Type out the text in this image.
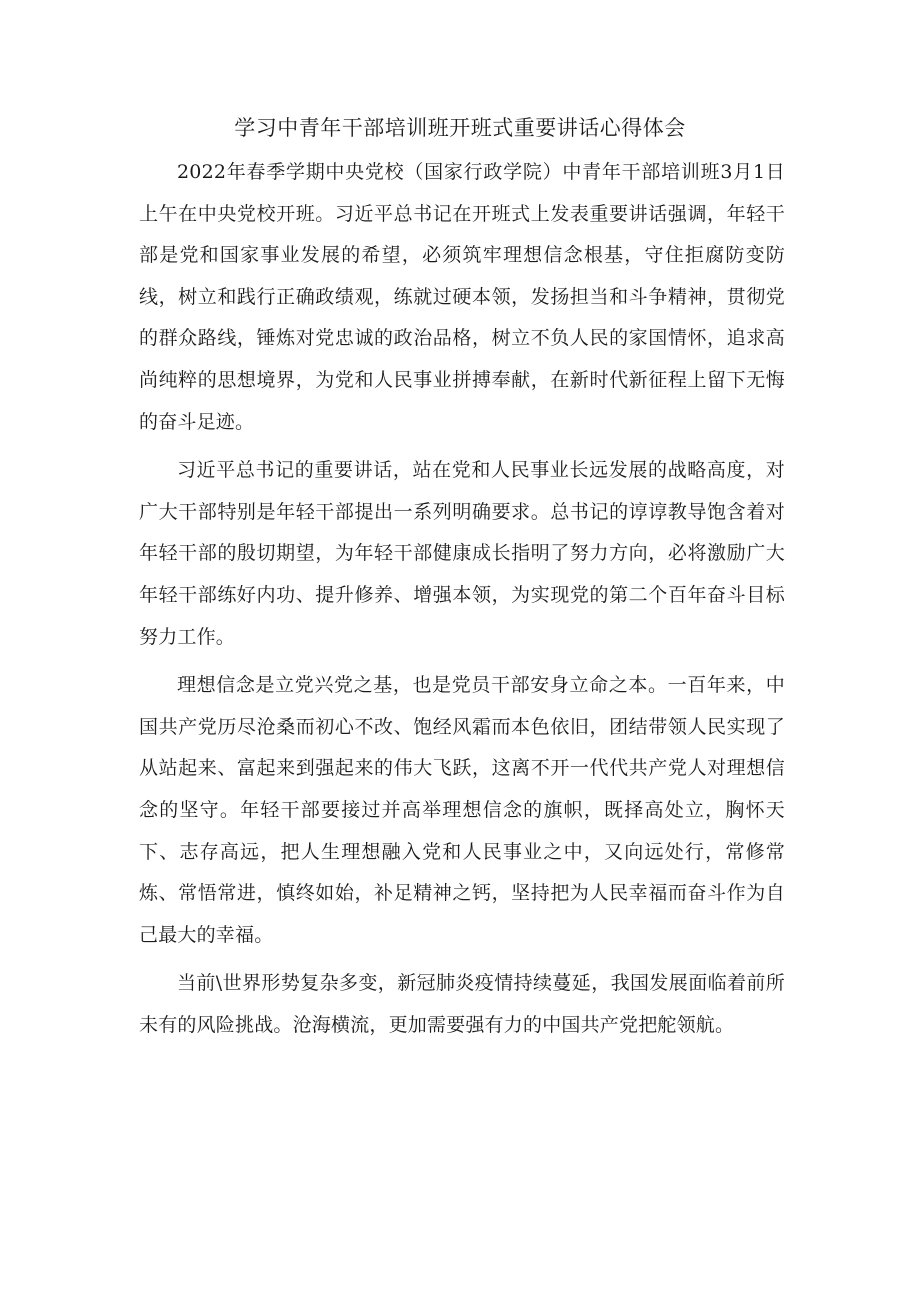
学习中青年干部培训班开班式重要讲话心得体会

2022年春季学期中央党校（国家行政学院）中青年干部培训班3月1日上午在中央党校开班。习近平总书记在开班式上发表重要讲话强调，年轻干部是党和国家事业发展的希望，必须筑牢理想信念根基，守住拒腐防变防线，树立和践行正确政绩观，练就过硬本领，发扬担当和斗争精神，贯彻党的群众路线，锤炼对党忠诚的政治品格，树立不负人民的家国情怀，追求高尚纯粹的思想境界，为党和人民事业拼搏奉献，在新时代新征程上留下无悔的奋斗足迹。

习近平总书记的重要讲话，站在党和人民事业长远发展的战略高度，对广大干部特别是年轻干部提出一系列明确要求。总书记的谆谆教导饱含着对年轻干部的殷切期望，为年轻干部健康成长指明了努力方向，必将激励广大年轻干部练好内功、提升修养、增强本领，为实现党的第二个百年奋斗目标努力工作。

理想信念是立党兴党之基，也是党员干部安身立命之本。一百年来，中国共产党历尽沧桑而初心不改、饱经风霜而本色依旧，团结带领人民实现了从站起来、富起来到强起来的伟大飞跃，这离不开一代代共产党人对理想信念的坚守。年轻干部要接过并高举理想信念的旗帜，既择高处立，胸怀天下、志存高远，把人生理想融入党和人民事业之中，又向远处行，常修常炼、常悟常进，慎终如始，补足精神之钙，坚持把为人民幸福而奋斗作为自己最大的幸福。

当前\世界形势复杂多变，新冠肺炎疫情持续蔓延，我国发展面临着前所未有的风险挑战。沧海横流，更加需要强有力的中国共产党把舵领航。
